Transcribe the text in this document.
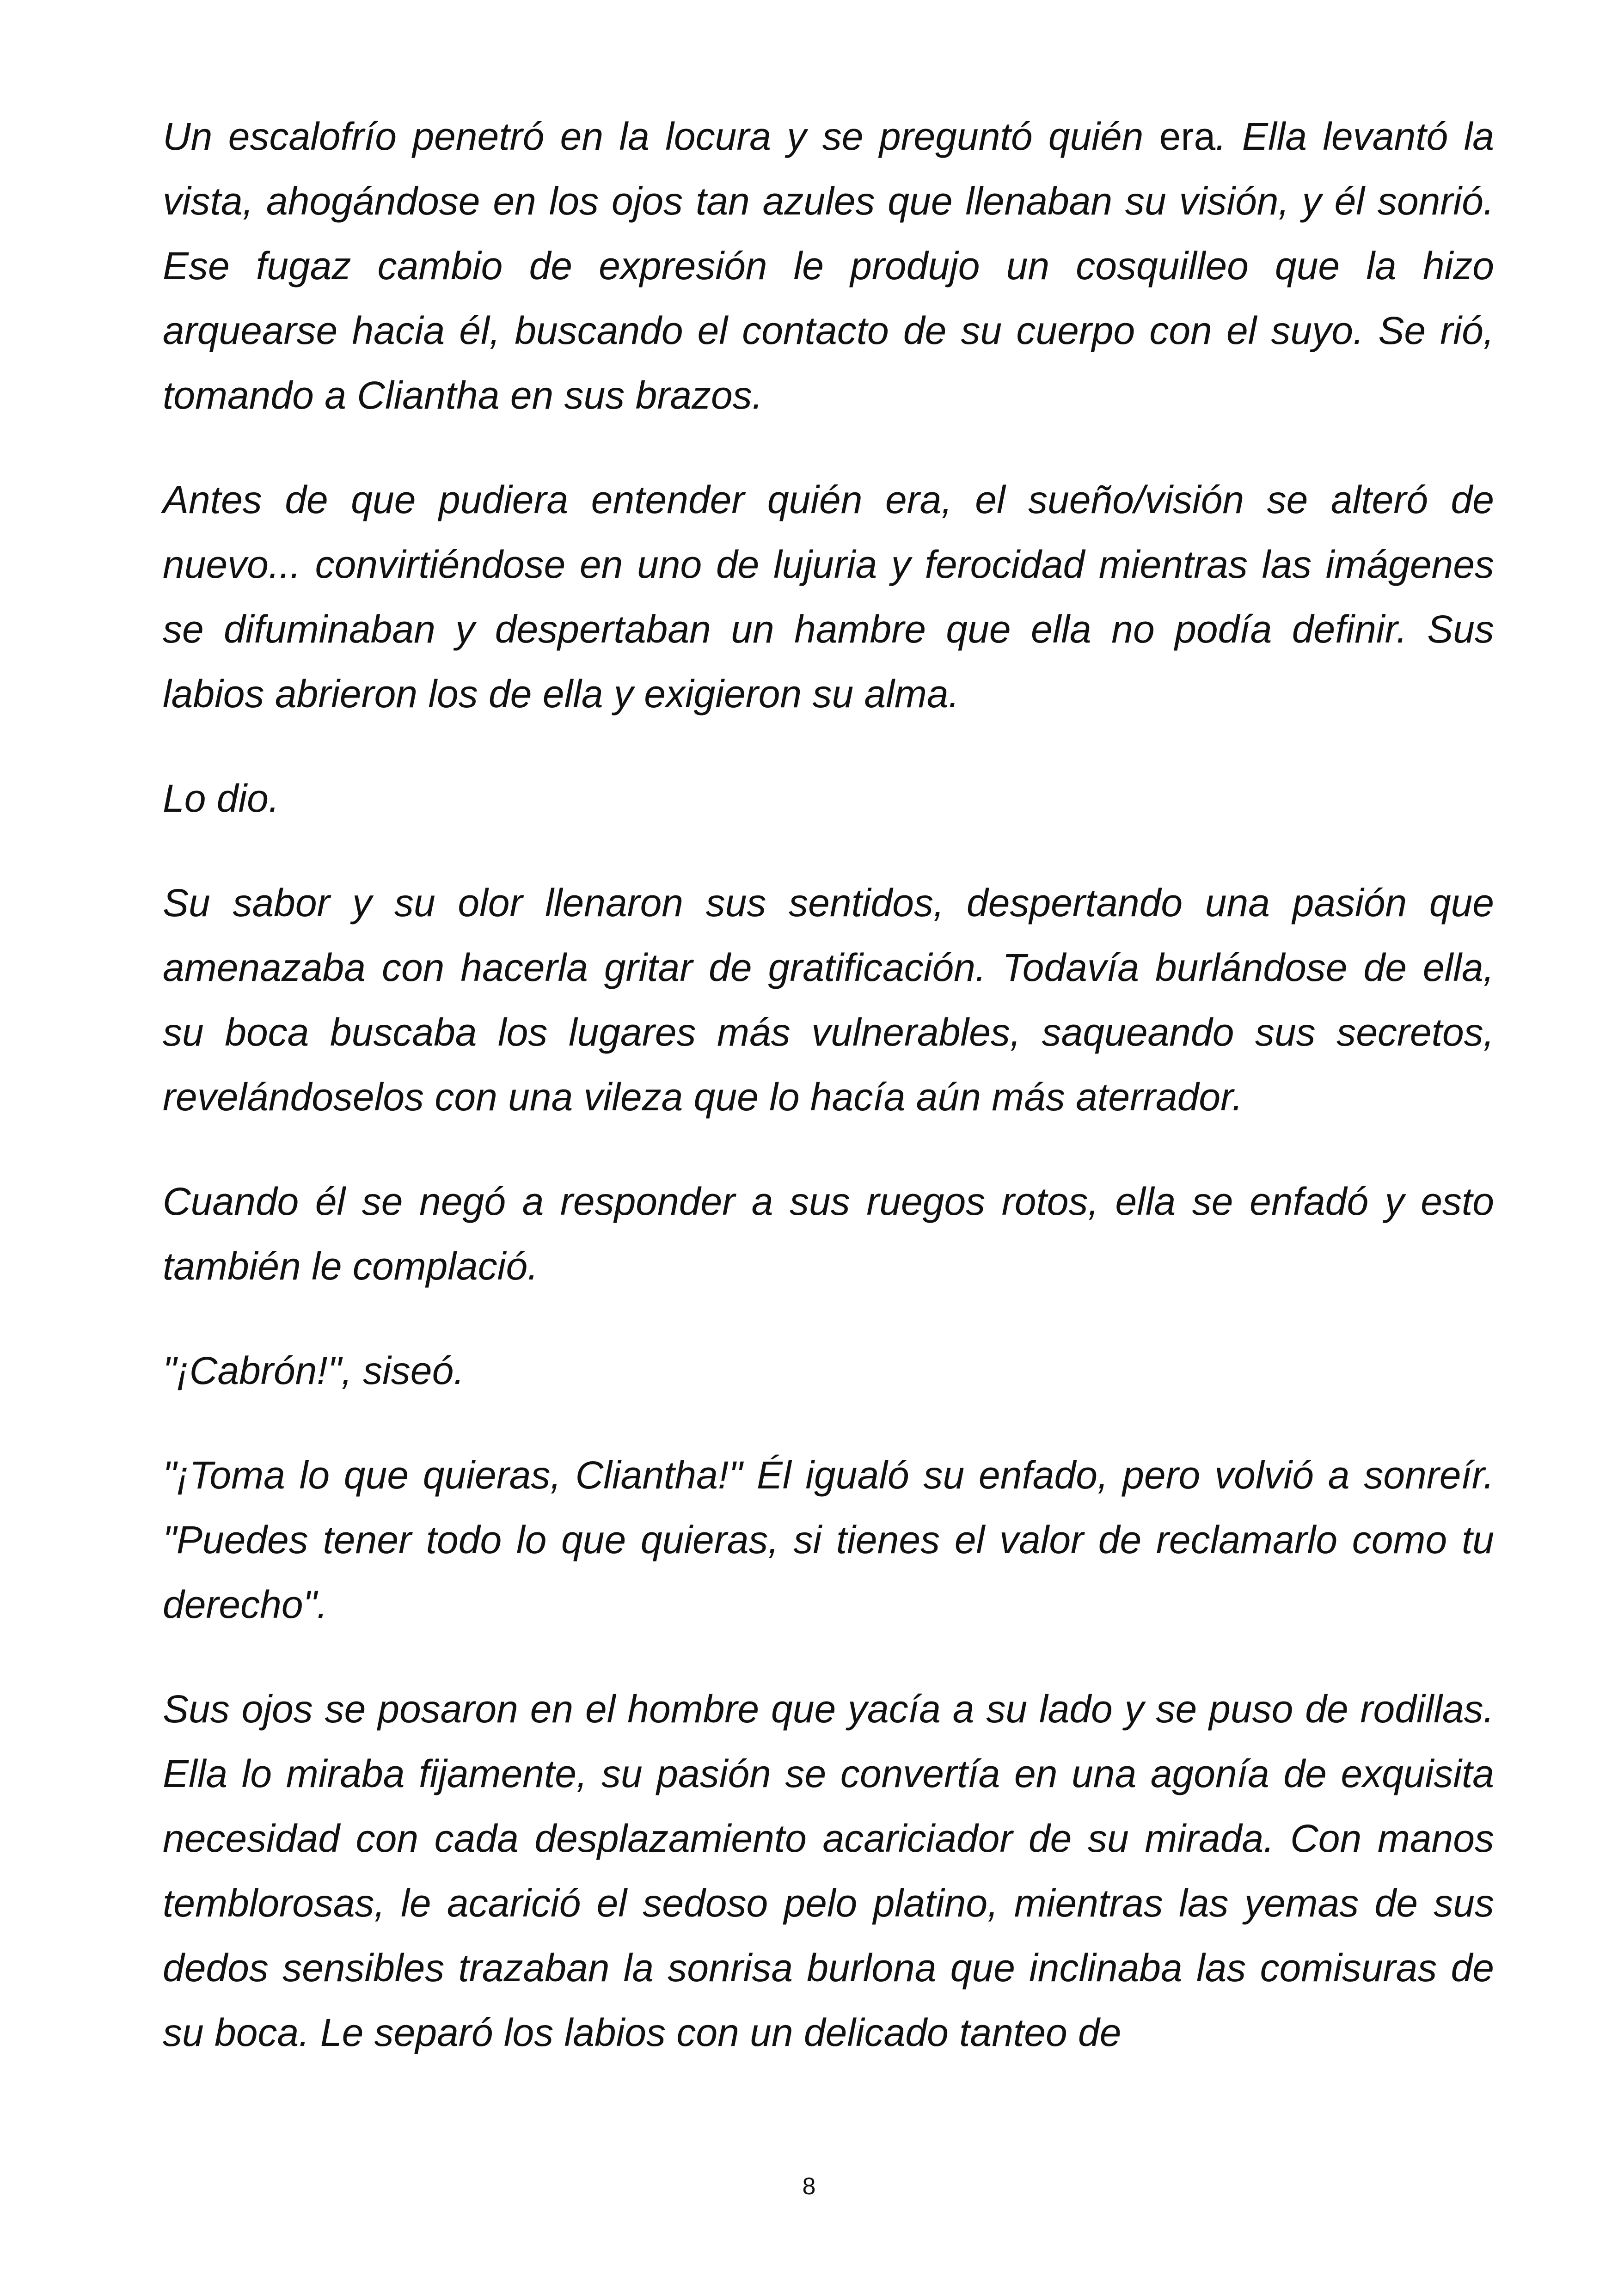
Un escalofrío penetró en la locura y se preguntó quién era. Ella levantó la vista, ahogándose en los ojos tan azules que llenaban su visión, y él sonrió. Ese fugaz cambio de expresión le produjo un cosquilleo que la hizo arquearse hacia él, buscando el contacto de su cuerpo con el suyo. Se rió, tomando a Cliantha en sus brazos.

Antes de que pudiera entender quién era, el sueño/visión se alteró de nuevo... convirtiéndose en uno de lujuria y ferocidad mientras las imágenes se difuminaban y despertaban un hambre que ella no podía definir. Sus labios abrieron los de ella y exigieron su alma.

Lo dio.

Su sabor y su olor llenaron sus sentidos, despertando una pasión que amenazaba con hacerla gritar de gratificación. Todavía burlándose de ella, su boca buscaba los lugares más vulnerables, saqueando sus secretos, revelándoselos con una vileza que lo hacía aún más aterrador.

Cuando él se negó a responder a sus ruegos rotos, ella se enfadó y esto también le complació.

"¡Cabrón!", siseó.

"¡Toma lo que quieras, Cliantha!" Él igualó su enfado, pero volvió a sonreír. "Puedes tener todo lo que quieras, si tienes el valor de reclamarlo como tu derecho".

Sus ojos se posaron en el hombre que yacía a su lado y se puso de rodillas. Ella lo miraba fijamente, su pasión se convertía en una agonía de exquisita necesidad con cada desplazamiento acariciador de su mirada. Con manos temblorosas, le acarició el sedoso pelo platino, mientras las yemas de sus dedos sensibles trazaban la sonrisa burlona que inclinaba las comisuras de su boca. Le separó los labios con un delicado tanteo de

8
